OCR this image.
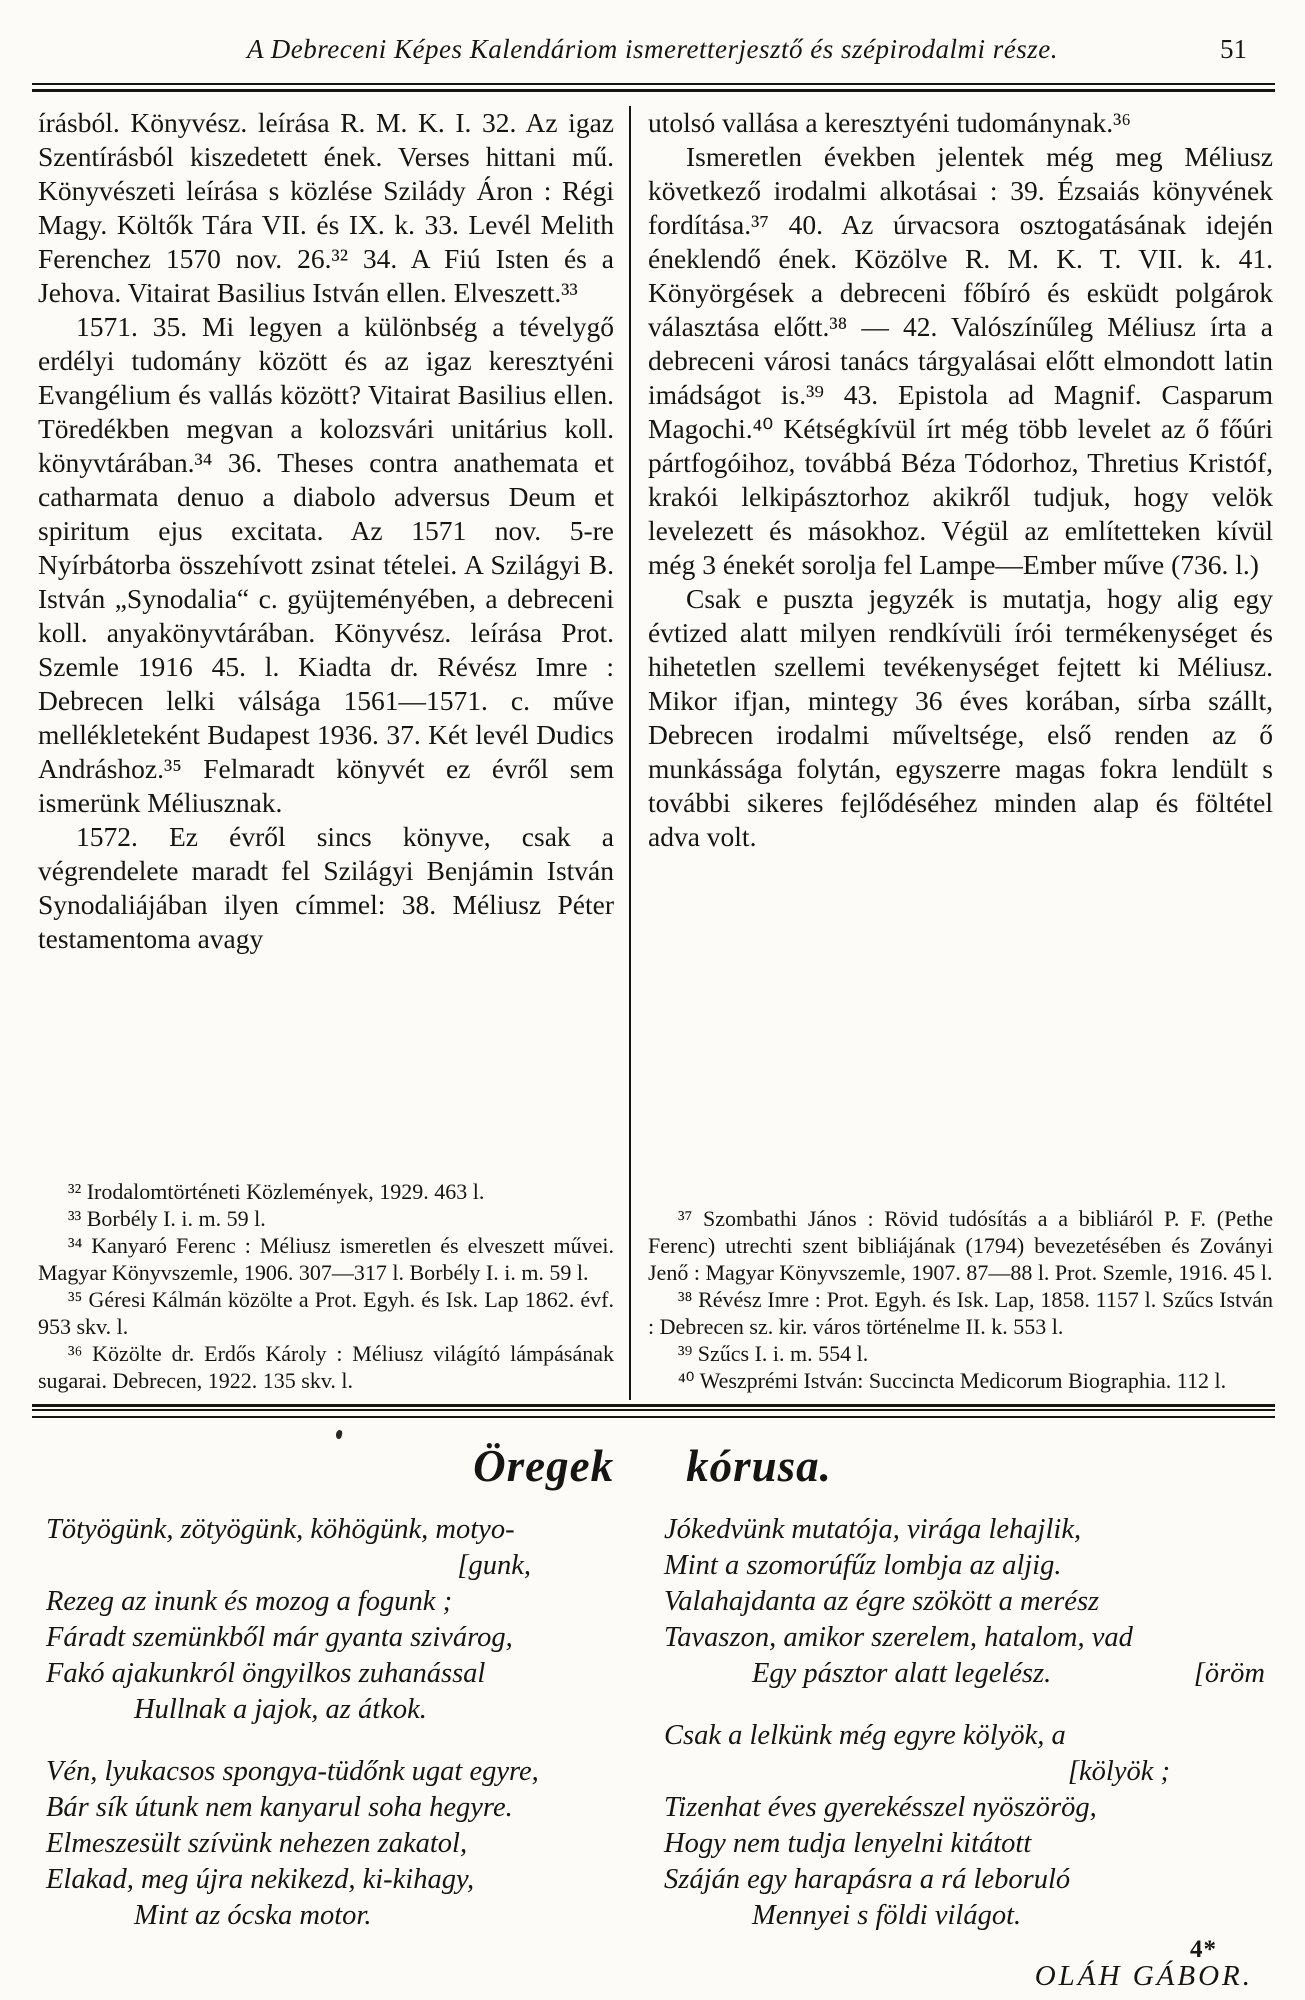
A Debreceni Képes Kalendáriom ismeretterjesztő és szépirodalmi része.	51

írásból. Könyvész. leírása R. M. K. I. 32. Az igaz Szentírásból kiszedetett ének. Verses hittani mű. Könyvészeti leírása s közlése Szilády Áron : Régi Magy. Költők Tára VII. és IX. k. 33. Levél Melith Ferenchez 1570 nov. 26.³² 34. A Fiú Isten és a Jehova. Vitairat Basilius István ellen. Elveszett.³³

1571. 35. Mi legyen a különbség a tévelygő erdélyi tudomány között és az igaz keresztyéni Evangélium és vallás között? Vitairat Basilius ellen. Töredékben megvan a kolozsvári unitárius koll. könyvtárában.³⁴ 36. Theses contra anathemata et catharmata denuo a diabolo adversus Deum et spiritum ejus excitata. Az 1571 nov. 5-re Nyírbátorba összehívott zsinat tételei. A Szilágyi B. István „Synodalia“ c. gyüjteményében, a debreceni koll. anyakönyvtárában. Könyvész. leírása Prot. Szemle 1916 45. l. Kiadta dr. Révész Imre : Debrecen lelki válsága 1561—1571. c. műve mellékleteként Budapest 1936. 37. Két levél Dudics Andráshoz.³⁵ Felmaradt könyvét ez évről sem ismerünk Méliusznak.

1572. Ez évről sincs könyve, csak a végrendelete maradt fel Szilágyi Benjámin István Synodaliájában ilyen címmel: 38. Méliusz Péter testamentoma avagy

³² Irodalomtörténeti Közlemények, 1929. 463 l.

³³ Borbély I. i. m. 59 l.

³⁴ Kanyaró Ferenc : Méliusz ismeretlen és elveszett művei. Magyar Könyvszemle, 1906. 307—317 l. Borbély I. i. m. 59 l.

³⁵ Géresi Kálmán közölte a Prot. Egyh. és Isk. Lap 1862. évf. 953 skv. l.

³⁶ Közölte dr. Erdős Károly : Méliusz világító lámpásának sugarai. Debrecen, 1922. 135 skv. l.

utolsó vallása a keresztyéni tudománynak.³⁶

Ismeretlen években jelentek még meg Méliusz következő irodalmi alkotásai : 39. Ézsaiás könyvének fordítása.³⁷ 40. Az úrvacsora osztogatásának idején éneklendő ének. Közölve R. M. K. T. VII. k. 41. Könyörgések a debreceni főbíró és esküdt polgárok választása előtt.³⁸ — 42. Valószínűleg Méliusz írta a debreceni városi tanács tárgyalásai előtt elmondott latin imádságot is.³⁹ 43. Epistola ad Magnif. Casparum Magochi.⁴⁰ Kétségkívül írt még több levelet az ő főúri pártfogóihoz, továbbá Béza Tódorhoz, Thretius Kristóf, krakói lelkipásztorhoz akikről tudjuk, hogy velök levelezett és másokhoz. Végül az említetteken kívül még 3 énekét sorolja fel Lampe—Ember műve (736. l.)

Csak e puszta jegyzék is mutatja, hogy alig egy évtized alatt milyen rendkívüli írói termékenységet és hihetetlen szellemi tevékenységet fejtett ki Méliusz. Mikor ifjan, mintegy 36 éves korában, sírba szállt, Debrecen irodalmi műveltsége, első renden az ő munkássága folytán, egyszerre magas fokra lendült s további sikeres fejlődéséhez minden alap és föltétel adva volt.

³⁷ Szombathi János : Rövid tudósítás a a bibliáról P. F. (Pethe Ferenc) utrechti szent bibliájának (1794) bevezetésében és Zoványi Jenő : Magyar Könyvszemle, 1907. 87—88 l. Prot. Szemle, 1916. 45 l.

³⁸ Révész Imre : Prot. Egyh. és Isk. Lap, 1858. 1157 l. Szűcs István : Debrecen sz. kir. város történelme II. k. 553 l.

³⁹ Szűcs I. i. m. 554 l.

⁴⁰ Weszprémi István: Succincta Medicorum Biographia. 112 l.

Öregek kórusa.
Tötyögünk, zötyögünk, köhögünk, motyo-
[gunk,
Rezeg az inunk és mozog a fogunk ;
Fáradt szemünkből már gyanta szivárog,
Fakó ajakunkról öngyilkos zuhanással
Hullnak a jajok, az átkok.
Vén, lyukacsos spongya-tüdőnk ugat egyre,
Bár sík útunk nem kanyarul soha hegyre.
Elmeszesült szívünk nehezen zakatol,
Elakad, meg újra nekikezd, ki-kihagy,
Mint az ócska motor.
Jókedvünk mutatója, virága lehajlik,
Mint a szomorúfűz lombja az aljig.
Valahajdanta az égre szökött a merész
Tavaszon, amikor szerelem, hatalom, vad
Egy pásztor alatt legelész.	[öröm
Csak a lelkünk még egyre kölyök, a
[kölyök ;
Tizenhat éves gyerekésszel nyöszörög,
Hogy nem tudja lenyelni kitátott
Száján egy harapásra a rá leboruló
Mennyei s földi világot.
OLÁH GÁBOR.
4*
